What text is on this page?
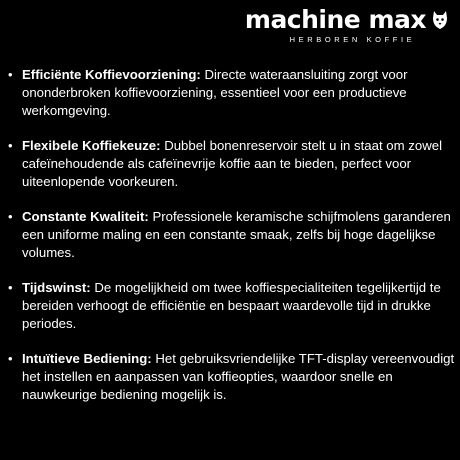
machine max
HERBOREN KOFFIE
• Efficiënte Koffievoorziening: Directe wateraansluiting zorgt voor ononderbroken koffievoorziening, essentieel voor een productieve werkomgeving.
• Flexibele Koffiekeuze: Dubbel bonenreservoir stelt u in staat om zowel cafeïnehoudende als cafeïnevrije koffie aan te bieden, perfect voor uiteenlopende voorkeuren.
• Constante Kwaliteit: Professionele keramische schijfmolens garanderen een uniforme maling en een constante smaak, zelfs bij hoge dagelijkse volumes.
• Tijdswinst: De mogelijkheid om twee koffiespecialiteiten tegelijkertijd te bereiden verhoogt de efficiëntie en bespaart waardevolle tijd in drukke periodes.
• Intuïtieve Bediening: Het gebruiksvriendelijke TFT-display vereenvoudigt het instellen en aanpassen van koffieopties, waardoor snelle en nauwkeurige bediening mogelijk is.
